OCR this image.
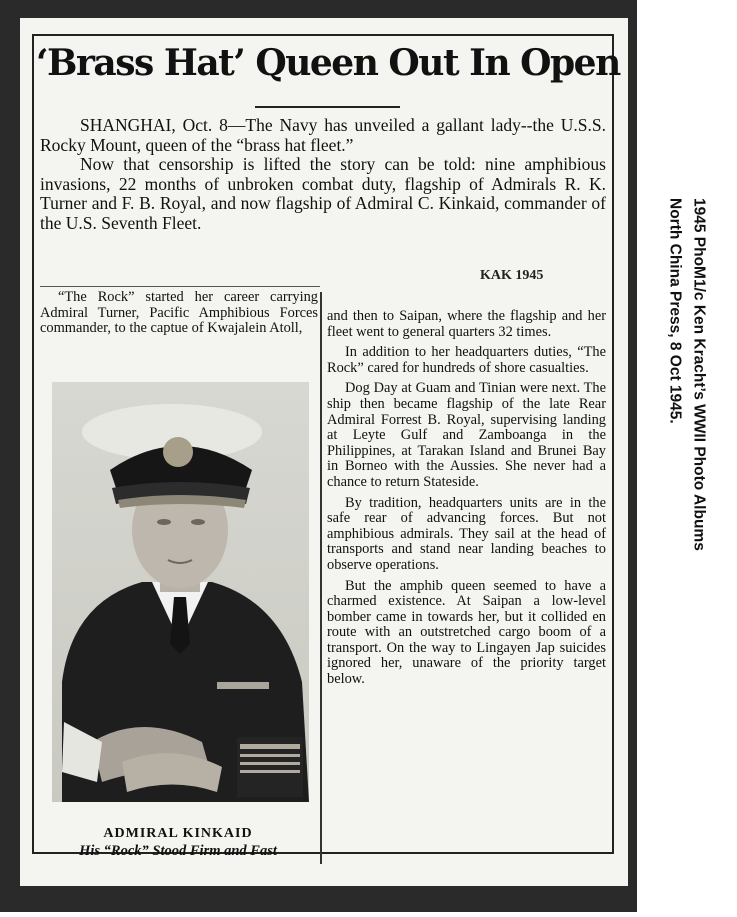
‘Brass Hat’ Queen Out In Open

SHANGHAI, Oct. 8—The Navy has unveiled a gallant lady--the U.S.S. Rocky Mount, queen of the “brass hat fleet.”

Now that censorship is lifted the story can be told: nine amphibious invasions, 22 months of unbroken combat duty, flagship of Admirals R. K. Turner and F. B. Royal, and now flagship of Admiral C. Kinkaid, commander of the U.S. Seventh Fleet.

KAK 1945

“The Rock” started her career carrying Admiral Turner, Pacific Amphibious Forces commander, to the captue of Kwajalein Atoll,

and then to Saipan, where the flagship and her fleet went to general quarters 32 times.

In addition to her headquarters duties, “The Rock” cared for hundreds of shore casualties.

Dog Day at Guam and Tinian were next. The ship then became flagship of the late Rear Admiral Forrest B. Royal, supervising landing at Leyte Gulf and Zamboanga in the Philippines, at Tarakan Island and Brunei Bay in Borneo with the Aussies. She never had a chance to return Stateside.

By tradition, headquarters units are in the safe rear of advancing forces. But not amphibious admirals. They sail at the head of transports and stand near landing beaches to observe operations.

But the amphib queen seemed to have a charmed existence. At Saipan a low-level bomber came in towards her, but it collided en route with an outstretched cargo boom of a transport. On the way to Lingayen Jap suicides ignored her, unaware of the priority target below.

ADMIRAL KINKAID
His “Rock” Stood Firm and Fast
1945 PhoM1/c Ken Kracht’s WWII Photo Albums
North China Press, 8 Oct 1945.
